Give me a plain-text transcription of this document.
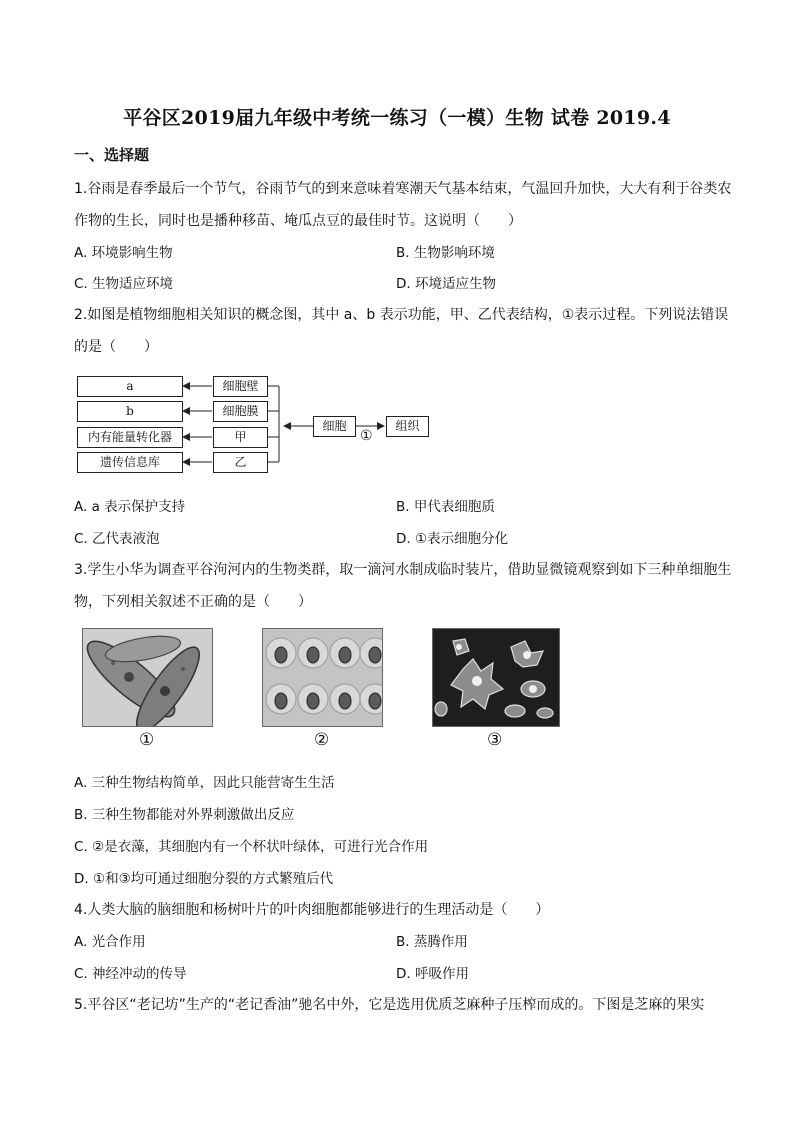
平谷区2019届九年级中考统一练习（一模）生物 试卷 2019.4
一、选择题
1.谷雨是春季最后一个节气，谷雨节气的到来意味着寒潮天气基本结束，气温回升加快，大大有利于谷类农
作物的生长，同时也是播种移苗、埯瓜点豆的最佳时节。这说明（　　）
A. 环境影响生物	B. 生物影响环境
C. 生物适应环境	D. 环境适应生物
2.如图是植物细胞相关知识的概念图，其中 a、b 表示功能，甲、乙代表结构，①表示过程。下列说法错误
的是（　　）
a
b
内有能量转化器
遗传信息库
细胞壁
细胞膜
甲
乙
细胞	组织
①
A. a 表示保护支持	B. 甲代表细胞质
C. 乙代表液泡	D. ①表示细胞分化
3.学生小华为调查平谷泃河内的生物类群，取一滴河水制成临时装片，借助显微镜观察到如下三种单细胞生
物，下列相关叙述不正确的是（　　）
①	②	③
A. 三种生物结构简单，因此只能营寄生生活
B. 三种生物都能对外界刺激做出反应
C. ②是衣藻，其细胞内有一个杯状叶绿体，可进行光合作用
D. ①和③均可通过细胞分裂的方式繁殖后代
4.人类大脑的脑细胞和杨树叶片的叶肉细胞都能够进行的生理活动是（　　）
A. 光合作用	B. 蒸腾作用
C. 神经冲动的传导	D. 呼吸作用
5.平谷区“老记坊”生产的“老记香油”驰名中外，它是选用优质芝麻种子压榨而成的。下图是芝麻的果实
